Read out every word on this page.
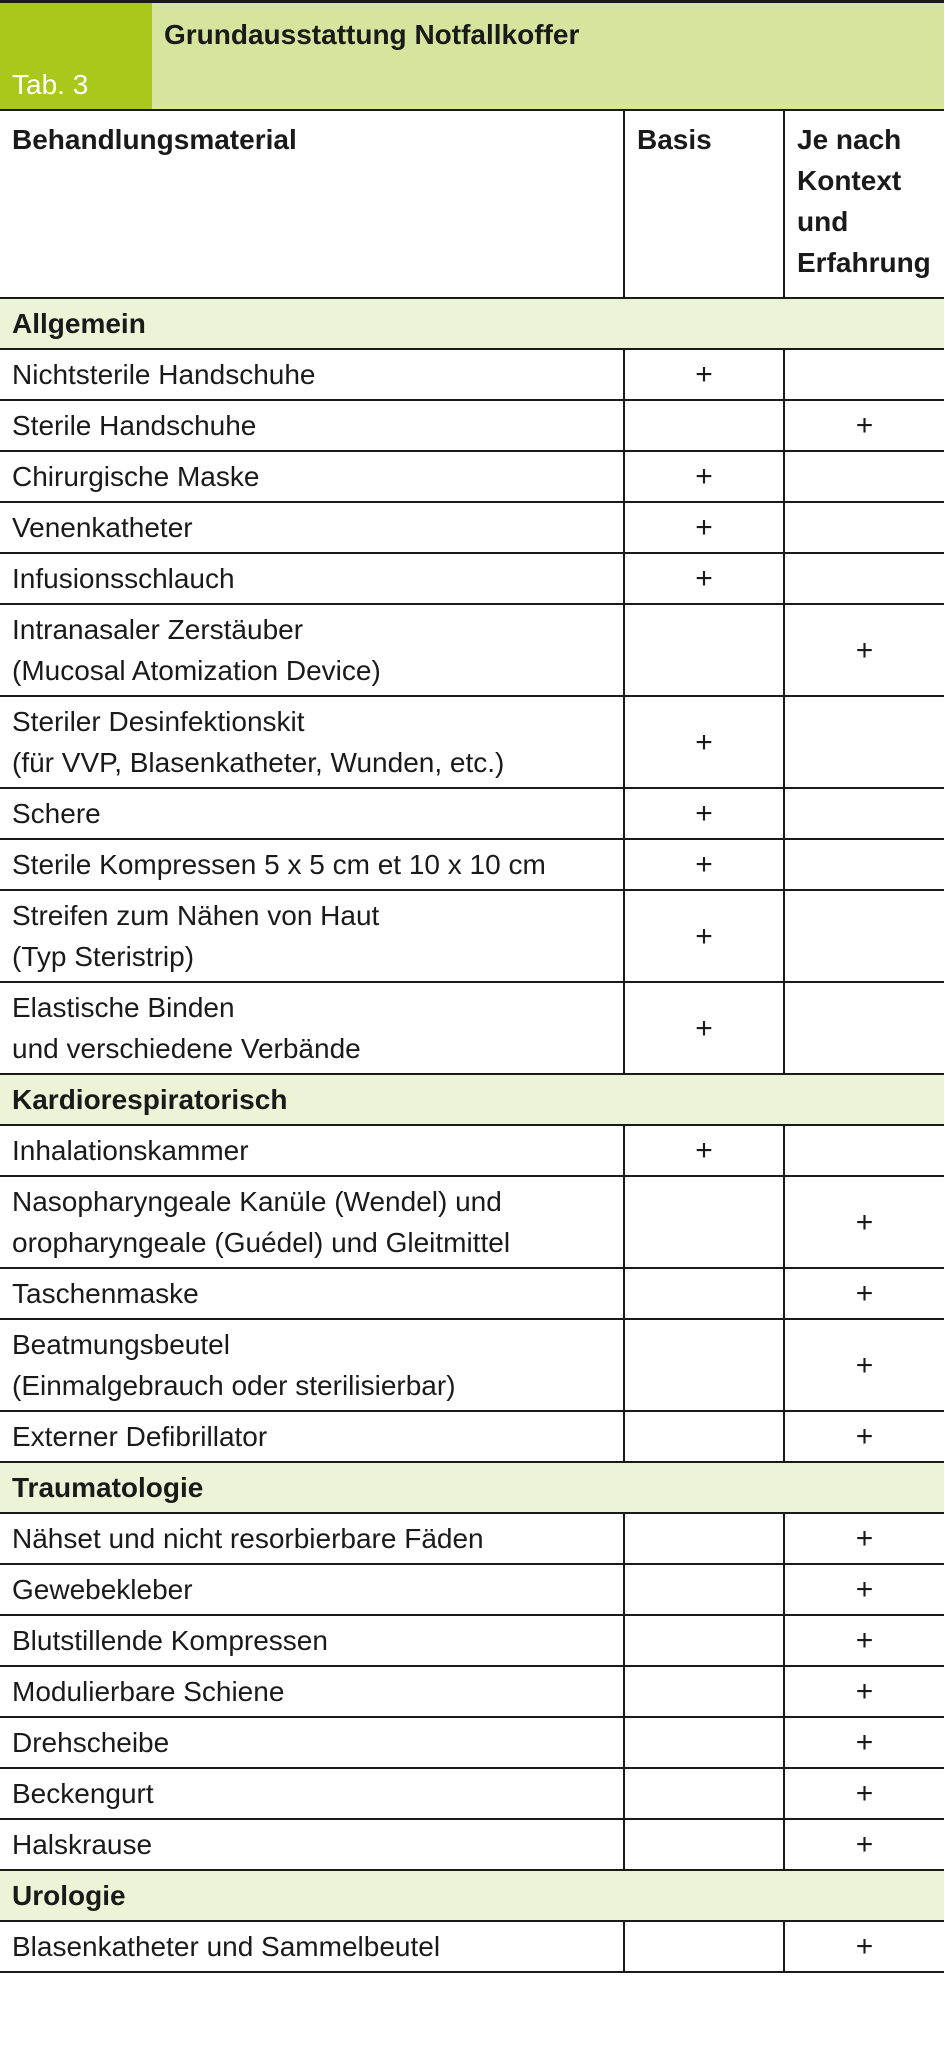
Tab. 3
Grundausstattung Notfallkoffer
Behandlungsmaterial	Basis	Je nach Kontext und Erfahrung
Allgemein		
Nichtsterile Handschuhe	+	
Sterile Handschuhe		+
Chirurgische Maske	+	
Venenkatheter	+	
Infusionsschlauch	+	
Intranasaler Zerstäuber
(Mucosal Atomization Device)		+
Steriler Desinfektionskit
(für VVP, Blasenkatheter, Wunden, etc.)	+	
Schere	+	
Sterile Kompressen 5 x 5 cm et 10 x 10 cm	+	
Streifen zum Nähen von Haut
(Typ Steristrip)	+	
Elastische Binden
und verschiedene Verbände	+	
Kardiorespiratorisch		
Inhalationskammer	+	
Nasopharyngeale Kanüle (Wendel) und
oropharyngeale (Guédel) und Gleitmittel		+
Taschenmaske		+
Beatmungsbeutel
(Einmalgebrauch oder sterilisierbar)		+
Externer Defibrillator		+
Traumatologie		
Nähset und nicht resorbierbare Fäden		+
Gewebekleber		+
Blutstillende Kompressen		+
Modulierbare Schiene		+
Drehscheibe		+
Beckengurt		+
Halskrause		+
Urologie		
Blasenkatheter und Sammelbeutel		+
